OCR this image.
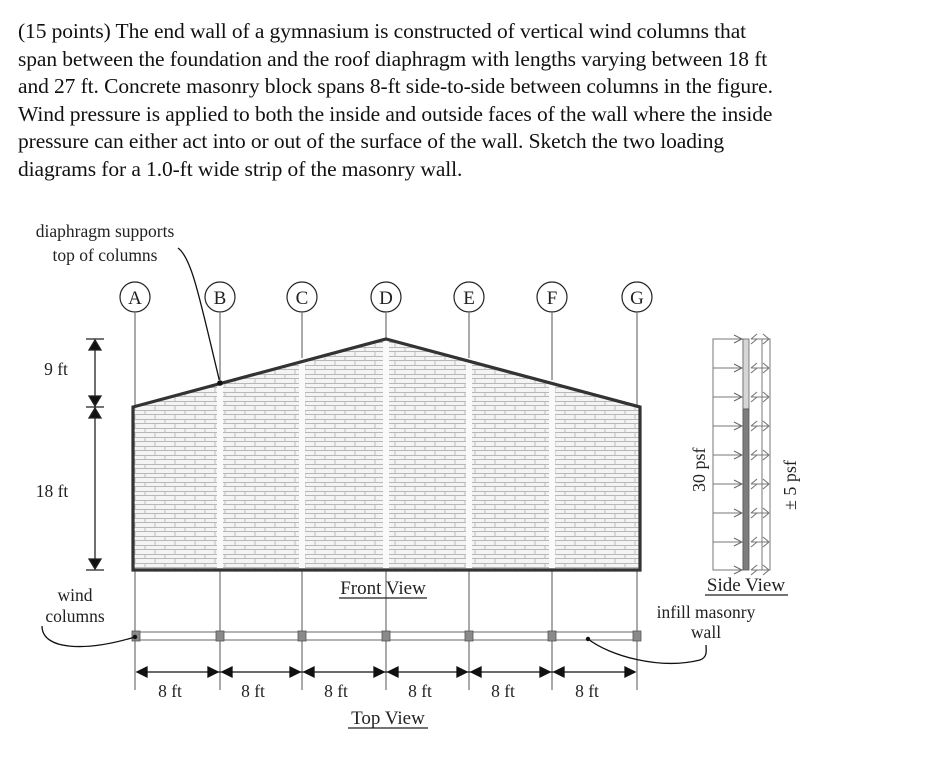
(15 points) The end wall of a gymnasium is constructed of vertical wind columns that

span between the foundation and the roof diaphragm with lengths varying between 18 ft

and 27 ft. Concrete masonry block spans 8-ft side-to-side between columns in the figure.

Wind pressure is applied to both the inside and outside faces of the wall where the inside

pressure can either act into or out of the surface of the wall. Sketch the two loading

diagrams for a 1.0-ft wide strip of the masonry wall.

diaphragm supports
top of columns
A	B	C	D	E	F	G
9 ft
18 ft
Front View
30 psf	± 5 psf
Side View
wind
columns	infill masonry
wall
8 ft	8 ft	8 ft	8 ft	8 ft	8 ft
Top View
